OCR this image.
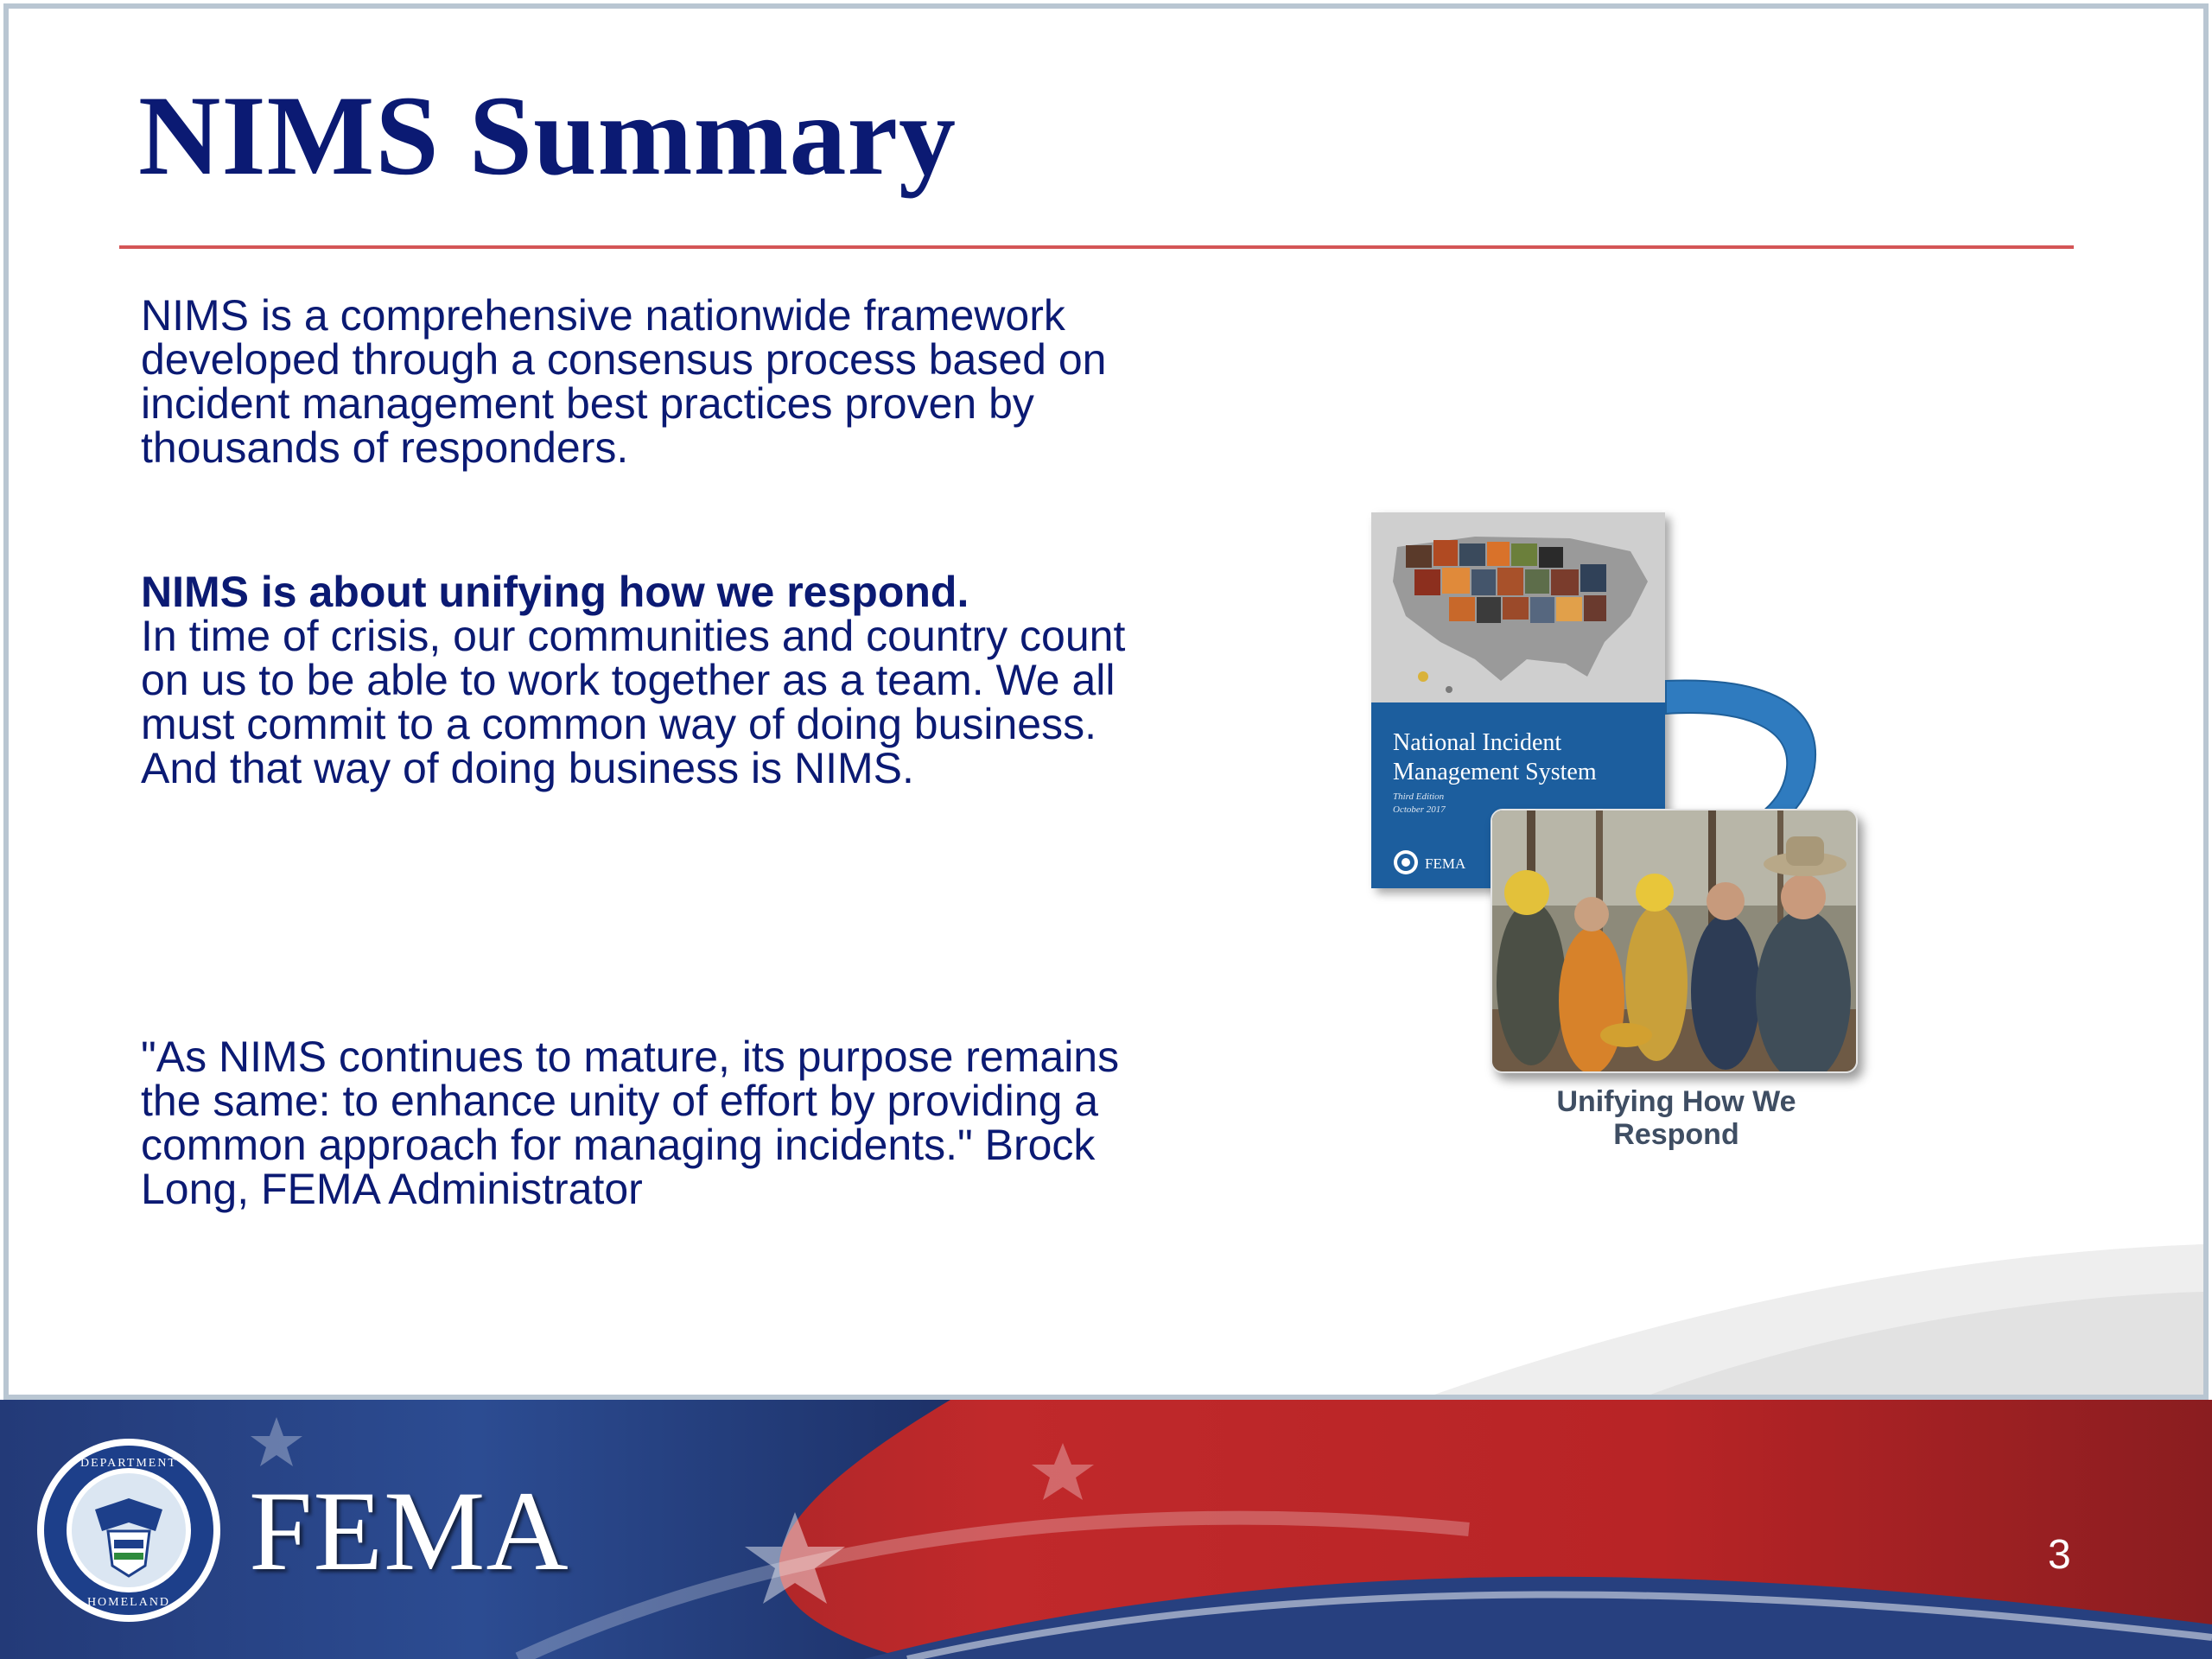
NIMS Summary
NIMS is a comprehensive nationwide framework developed through a consensus process based on incident management best practices proven by thousands of responders.
NIMS is about unifying how we respond.
In time of crisis, our communities and country count on us to be able to work together as a team. We all must commit to a common way of doing business. And that way of doing business is NIMS.
"As NIMS continues to mature, its purpose remains the same: to enhance unity of effort by providing a common approach for managing incidents." Brock Long, FEMA Administrator
National Incident Management System
Third Edition
October 2017
FEMA
Unifying How We Respond
DEPARTMENT
HOMELAND
FEMA	3
